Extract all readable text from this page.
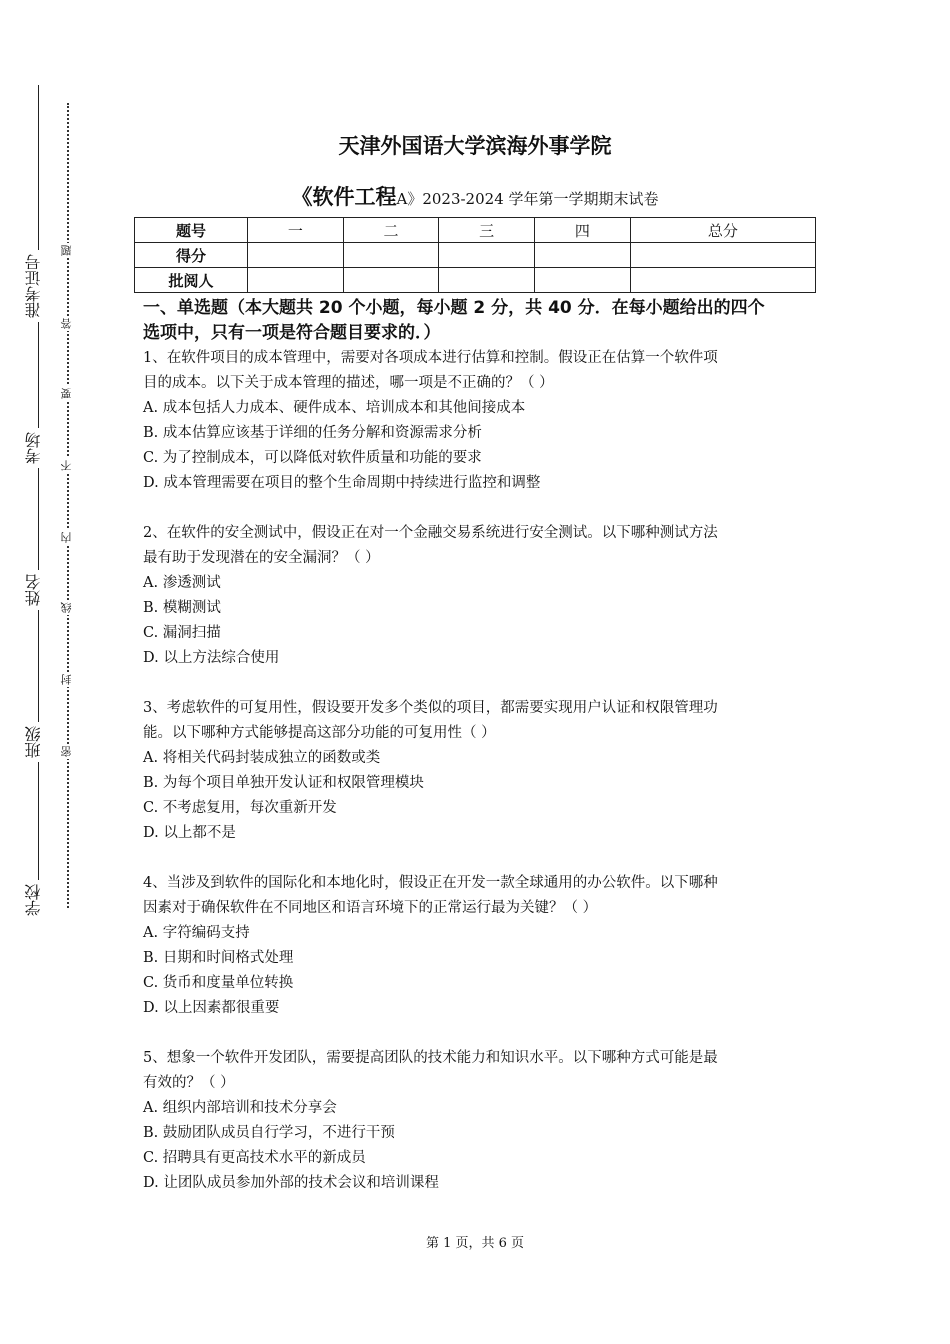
准考证号
考场
姓名
班级
学校
题
答
要
不
内
线
封
密
天津外国语大学滨海外事学院
《软件工程A》2023-2024 学年第一学期期末试卷
题号	一	二	三	四	总分
得分					
批阅人					

一、单选题（本大题共 20 个小题，每小题 2 分，共 40 分．在每小题给出的四个

选项中，只有一项是符合题目要求的．）

1、在软件项目的成本管理中，需要对各项成本进行估算和控制。假设正在估算一个软件项

目的成本。以下关于成本管理的描述，哪一项是不正确的？（ ）

A. 成本包括人力成本、硬件成本、培训成本和其他间接成本

B. 成本估算应该基于详细的任务分解和资源需求分析

C. 为了控制成本，可以降低对软件质量和功能的要求

D. 成本管理需要在项目的整个生命周期中持续进行监控和调整

2、在软件的安全测试中，假设正在对一个金融交易系统进行安全测试。以下哪种测试方法

最有助于发现潜在的安全漏洞？（ ）

A. 渗透测试

B. 模糊测试

C. 漏洞扫描

D. 以上方法综合使用

3、考虑软件的可复用性，假设要开发多个类似的项目，都需要实现用户认证和权限管理功

能。以下哪种方式能够提高这部分功能的可复用性（ ）

A. 将相关代码封装成独立的函数或类

B. 为每个项目单独开发认证和权限管理模块

C. 不考虑复用，每次重新开发

D. 以上都不是

4、当涉及到软件的国际化和本地化时，假设正在开发一款全球通用的办公软件。以下哪种

因素对于确保软件在不同地区和语言环境下的正常运行最为关键？（ ）

A. 字符编码支持

B. 日期和时间格式处理

C. 货币和度量单位转换

D. 以上因素都很重要

5、想象一个软件开发团队，需要提高团队的技术能力和知识水平。以下哪种方式可能是最

有效的？（ ）

A. 组织内部培训和技术分享会

B. 鼓励团队成员自行学习，不进行干预

C. 招聘具有更高技术水平的新成员

D. 让团队成员参加外部的技术会议和培训课程

第 1 页，共 6 页
